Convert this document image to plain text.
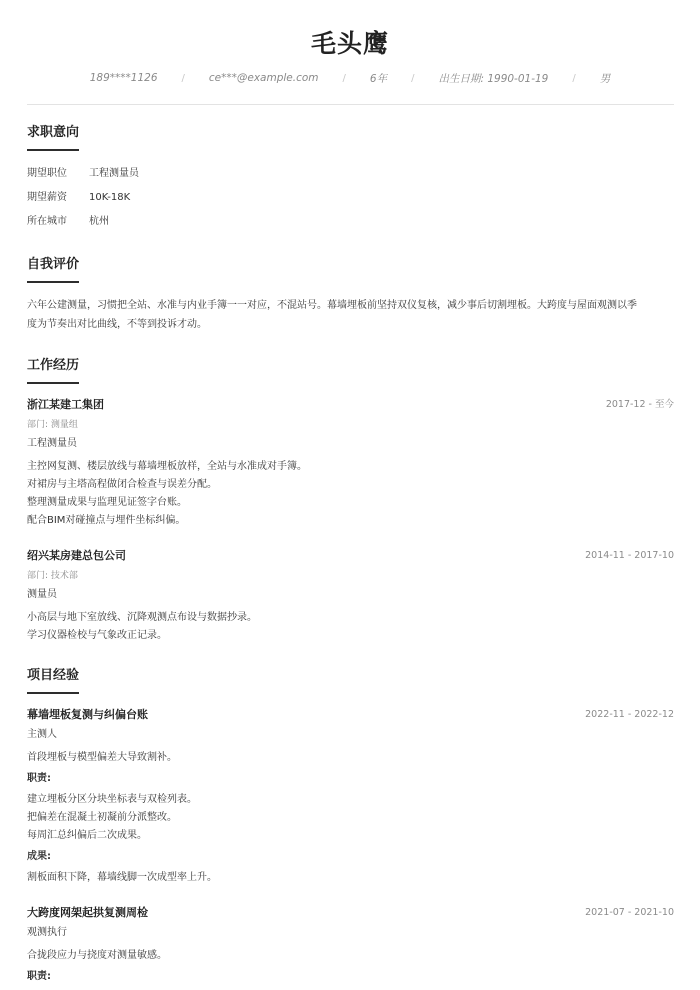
毛头鹰
189****1126 / ce***@example.com / 6年 / 出生日期: 1990-01-19 / 男
求职意向
期望职位 工程测量员
期望薪资 10K-18K
所在城市 杭州
自我评价
六年公建测量，习惯把全站、水准与内业手簿一一对应，不混站号。幕墙埋板前坚持双仪复核，减少事后切割埋板。大跨度与屋面观测以季
度为节奏出对比曲线，不等到投诉才动。
工作经历
浙江某建工集团	2017-12 - 至今
部门: 测量组
工程测量员
主控网复测、楼层放线与幕墙埋板放样，全站与水准成对手簿。
对裙房与主塔高程做闭合检查与误差分配。
整理测量成果与监理见证签字台账。
配合BIM对碰撞点与埋件坐标纠偏。
绍兴某房建总包公司	2014-11 - 2017-10
部门: 技术部
测量员
小高层与地下室放线、沉降观测点布设与数据抄录。
学习仪器检校与气象改正记录。
项目经验
幕墙埋板复测与纠偏台账	2022-11 - 2022-12
主测人
首段埋板与模型偏差大导致割补。
职责:
建立埋板分区分块坐标表与双检列表。
把偏差在混凝土初凝前分派整改。
每周汇总纠偏后二次成果。
成果:
割板面积下降，幕墙线脚一次成型率上升。
大跨度网架起拱复测周检	2021-07 - 2021-10
观测执行
合拢段应力与挠度对测量敏感。
职责:
